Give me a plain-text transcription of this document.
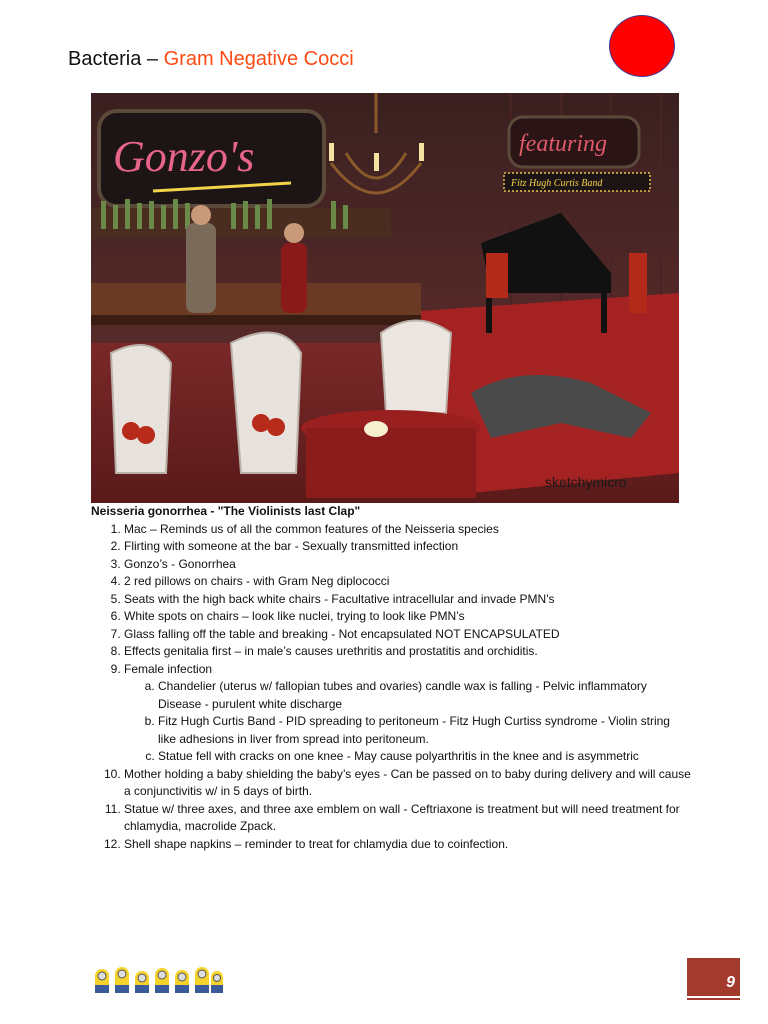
Bacteria – Gram Negative Cocci
Gonzo's	featuring
Fitz Hugh Curtis Band
sketchymicro
Neisseria gonorrhea - "The Violinists last Clap"
1. Mac – Reminds us of all the common features of the Neisseria species
2. Flirting with someone at the bar - Sexually transmitted infection
3. Gonzo’s - Gonorrhea
4. 2 red pillows on chairs - with Gram Neg diplococci
5. Seats with the high back white chairs - Facultative intracellular and invade PMN's
6. White spots on chairs – look like nuclei, trying to look like PMN’s
7. Glass falling off the table and breaking - Not encapsulated NOT ENCAPSULATED
8. Effects genitalia first – in male’s causes urethritis and prostatitis and orchiditis.
9. Female infection
a. Chandelier (uterus w/ fallopian tubes and ovaries) candle wax is falling - Pelvic inflammatory Disease - purulent white discharge
b. Fitz Hugh Curtis Band - PID spreading to peritoneum - Fitz Hugh Curtiss syndrome - Violin string like adhesions in liver from spread into peritoneum.
c. Statue fell with cracks on one knee - May cause polyarthritis in the knee and is asymmetric
10. Mother holding a baby shielding the baby’s eyes - Can be passed on to baby during delivery and will cause a conjunctivitis w/ in 5 days of birth.
11. Statue w/ three axes, and three axe emblem on wall - Ceftriaxone is treatment but will need treatment for chlamydia, macrolide Zpack.
12. Shell shape napkins – reminder to treat for chlamydia due to coinfection.
9
